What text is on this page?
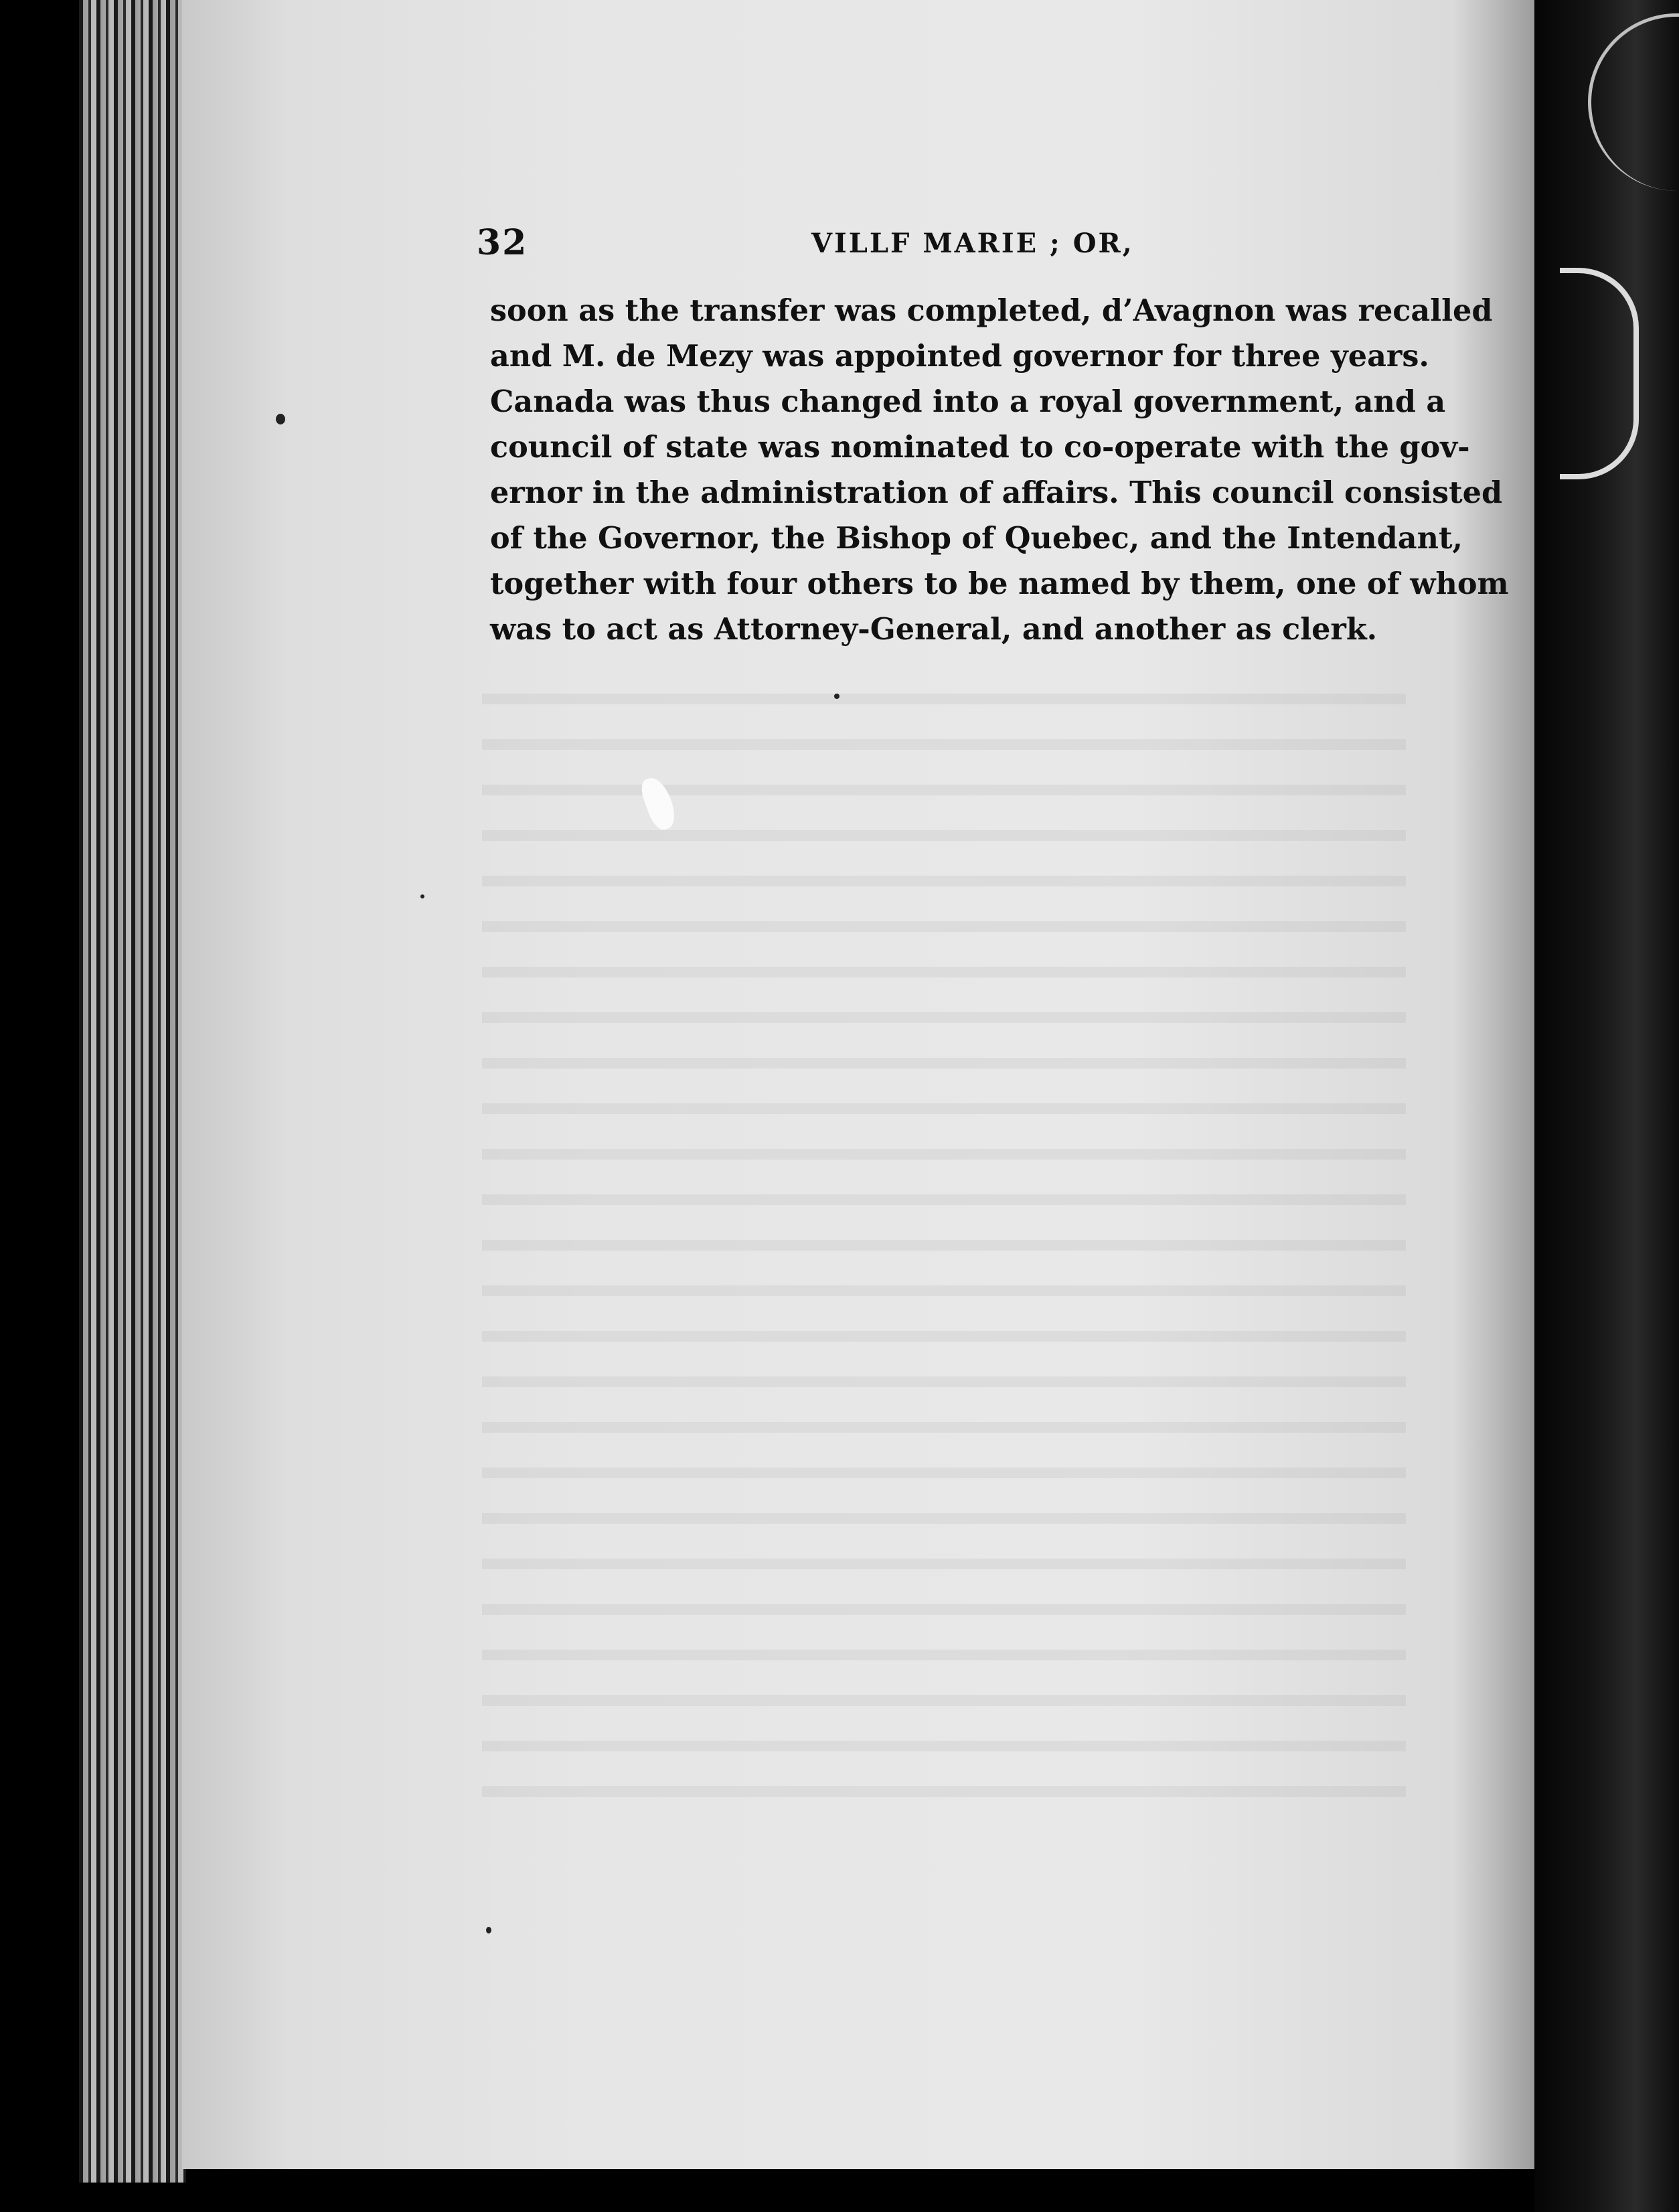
32	VILLF MARIE ; OR,
soon as the transfer was completed, d’Avagnon was recalled
and M. de Mezy was appointed governor for three years.
Canada was thus changed into a royal government, and a
council of state was nominated to co-operate with the gov-
ernor in the administration of affairs. This council consisted
of the Governor, the Bishop of Quebec, and the Intendant,
together with four others to be named by them, one of whom
was to act as Attorney-General, and another as clerk.
